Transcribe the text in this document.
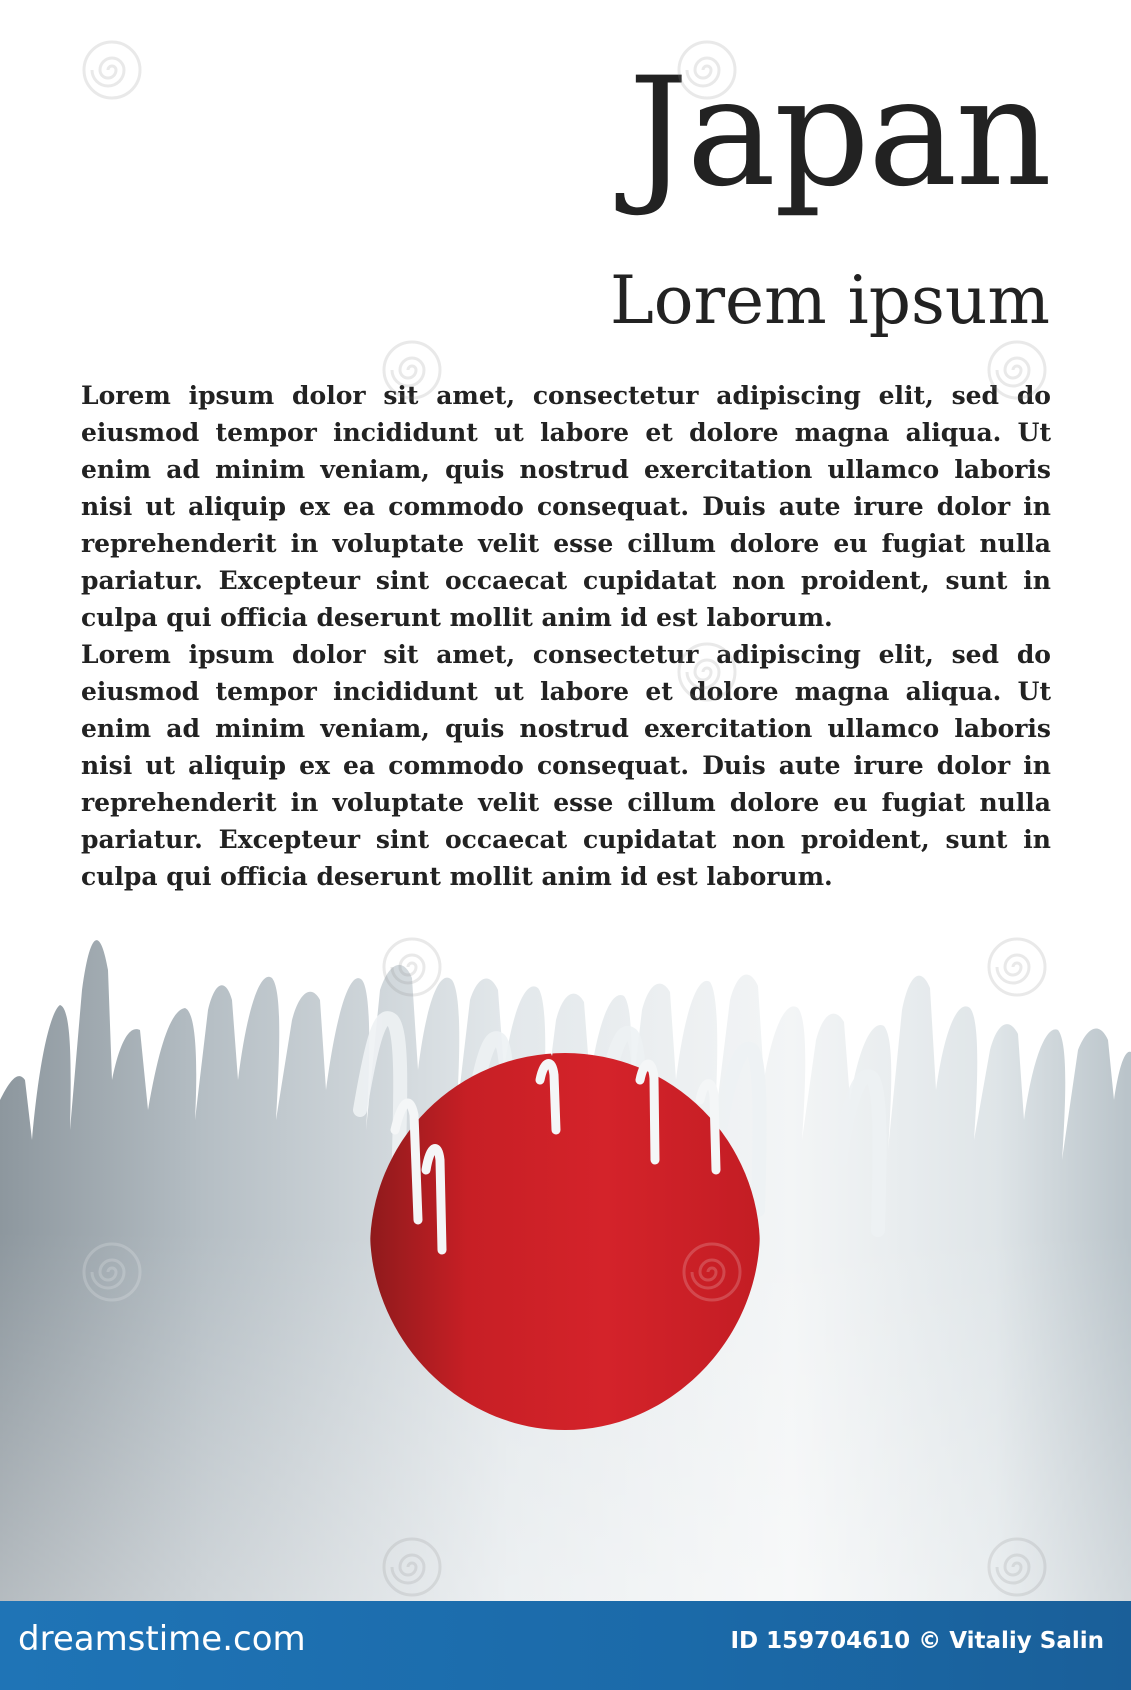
Japan
Lorem ipsum

Lorem ipsum dolor sit amet, consectetur adipiscing elit, sed do eiusmod tempor incididunt ut labore et dolore magna aliqua. Ut enim ad minim veniam, quis nostrud exercitation ullamco laboris nisi ut aliquip ex ea commodo consequat. Duis aute irure dolor in reprehenderit in voluptate velit esse cillum dolore eu fugiat nulla pariatur. Excepteur sint occaecat cupidatat non proident, sunt in culpa qui officia deserunt mollit anim id est laborum.

Lorem ipsum dolor sit amet, consectetur adipiscing elit, sed do eiusmod tempor incididunt ut labore et dolore magna aliqua. Ut enim ad minim veniam, quis nostrud exercitation ullamco laboris nisi ut aliquip ex ea commodo consequat. Duis aute irure dolor in reprehenderit in voluptate velit esse cillum dolore eu fugiat nulla pariatur. Excepteur sint occaecat cupidatat non proident, sunt in culpa qui officia deserunt mollit anim id est laborum.

dreamstime.com	ID 159704610 © Vitaliy Salin
